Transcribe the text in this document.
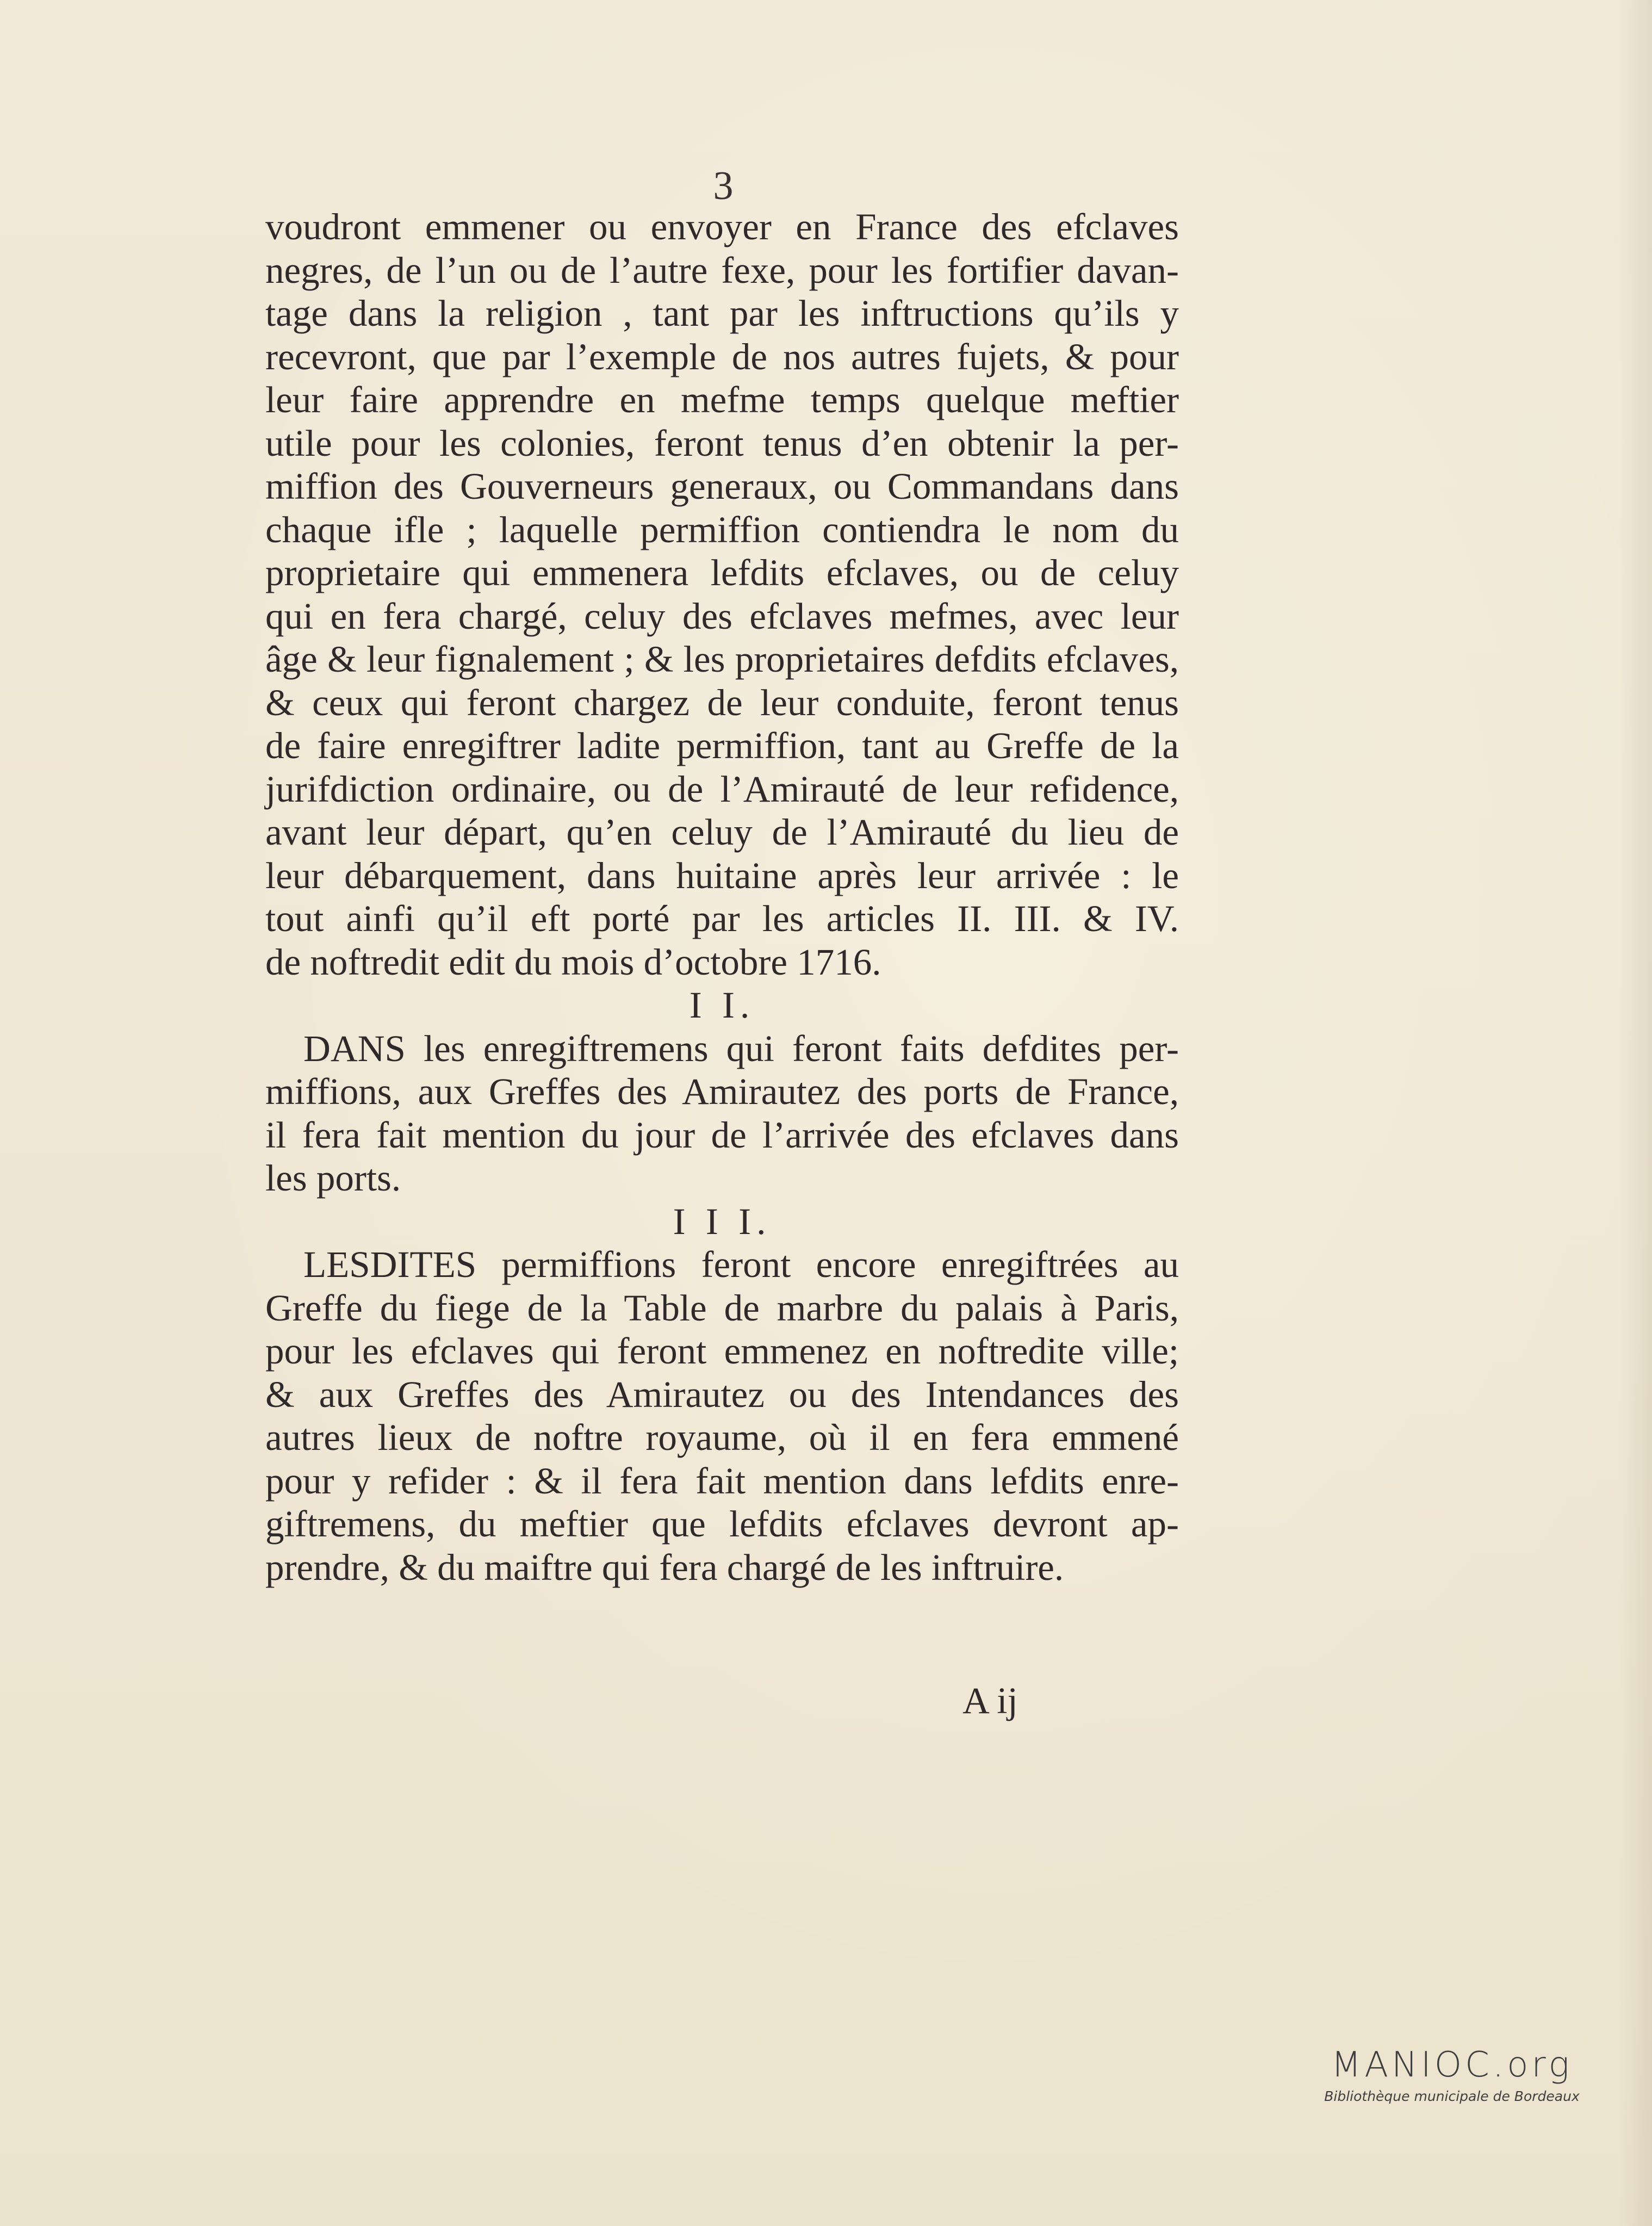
3
voudront emmener ou envoyer en France des efclaves
negres, de l’un ou de l’autre fexe, pour les fortifier davan-
tage dans la religion , tant par les inftructions qu’ils y
recevront, que par l’exemple de nos autres fujets, & pour
leur faire apprendre en mefme temps quelque meftier
utile pour les colonies, feront tenus d’en obtenir la per-
miffion des Gouverneurs generaux, ou Commandans dans
chaque ifle ; laquelle permiffion contiendra le nom du
proprietaire qui emmenera lefdits efclaves, ou de celuy
qui en fera chargé, celuy des efclaves mefmes, avec leur
âge & leur fignalement ; & les proprietaires defdits efclaves,
& ceux qui feront chargez de leur conduite, feront tenus
de faire enregiftrer ladite permiffion, tant au Greffe de la
jurifdiction ordinaire, ou de l’Amirauté de leur refidence,
avant leur départ, qu’en celuy de l’Amirauté du lieu de
leur débarquement, dans huitaine après leur arrivée : le
tout ainfi qu’il eft porté par les articles II. III. & IV.
de noftredit edit du mois d’octobre 1716.
I I.
DANS les enregiftremens qui feront faits defdites per-
miffions, aux Greffes des Amirautez des ports de France,
il fera fait mention du jour de l’arrivée des efclaves dans
les ports.
I I I.
LESDITES permiffions feront encore enregiftrées au
Greffe du fiege de la Table de marbre du palais à Paris,
pour les efclaves qui feront emmenez en noftredite ville;
& aux Greffes des Amirautez ou des Intendances des
autres lieux de noftre royaume, où il en fera emmené
pour y refider : & il fera fait mention dans lefdits enre-
giftremens, du meftier que lefdits efclaves devront ap-
prendre, & du maiftre qui fera chargé de les inftruire.
A ij
MANIOC.org
Bibliothèque municipale de Bordeaux
